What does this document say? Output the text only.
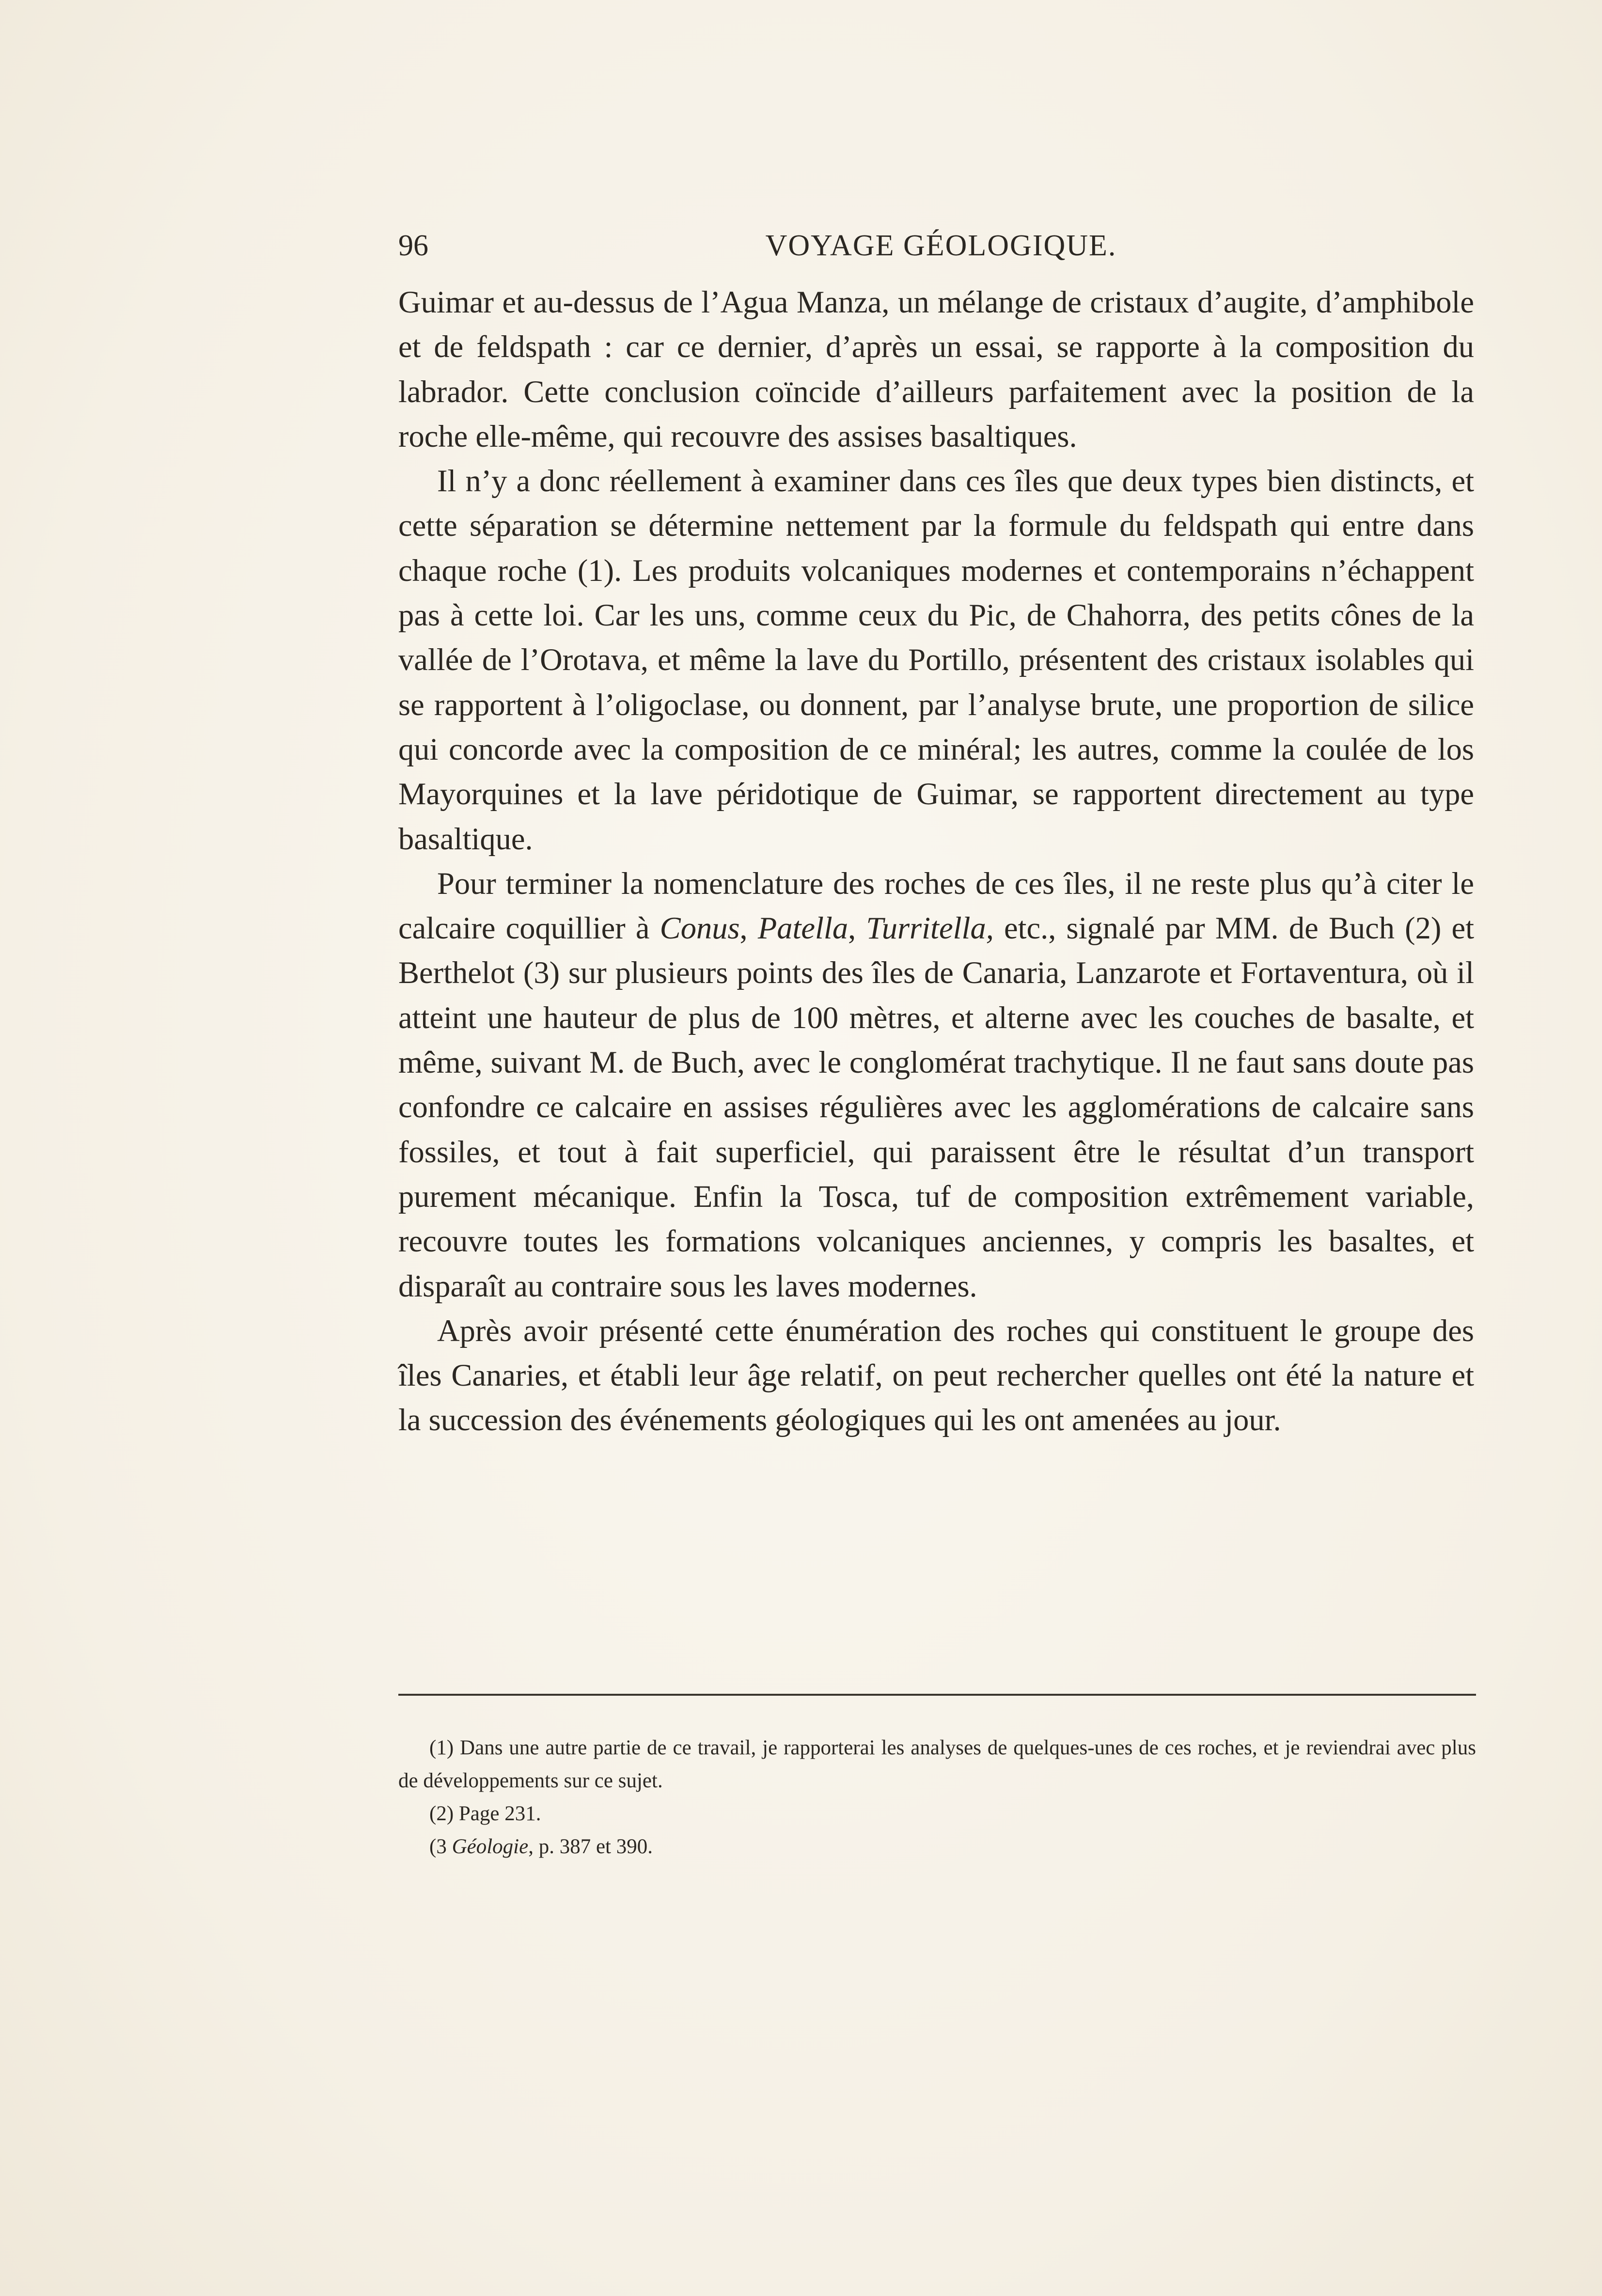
96	VOYAGE GÉOLOGIQUE.

Guimar et au-dessus de l’Agua Manza, un mélange de cristaux d’augite, d’amphibole et de feldspath : car ce dernier, d’après un essai, se rapporte à la composition du labrador. Cette conclusion coïncide d’ailleurs parfaitement avec la position de la roche elle-même, qui recouvre des assises basaltiques.

Il n’y a donc réellement à examiner dans ces îles que deux types bien distincts, et cette séparation se détermine nettement par la formule du feldspath qui entre dans chaque roche (1). Les produits volcaniques modernes et contemporains n’échappent pas à cette loi. Car les uns, comme ceux du Pic, de Chahorra, des petits cônes de la vallée de l’Orotava, et même la lave du Portillo, présentent des cristaux isolables qui se rapportent à l’oligoclase, ou donnent, par l’analyse brute, une proportion de silice qui concorde avec la composition de ce minéral; les autres, comme la coulée de los Mayorquines et la lave péridotique de Guimar, se rapportent directement au type basaltique.

Pour terminer la nomenclature des roches de ces îles, il ne reste plus qu’à citer le calcaire coquillier à Conus, Patella, Turritella, etc., signalé par MM. de Buch (2) et Berthelot (3) sur plusieurs points des îles de Canaria, Lanzarote et Fortaventura, où il atteint une hauteur de plus de 100 mètres, et alterne avec les couches de basalte, et même, suivant M. de Buch, avec le conglomérat trachytique. Il ne faut sans doute pas confondre ce calcaire en assises régulières avec les agglomérations de calcaire sans fossiles, et tout à fait superficiel, qui paraissent être le résultat d’un transport purement mécanique. Enfin la Tosca, tuf de composition extrêmement variable, recouvre toutes les formations volcaniques anciennes, y compris les basaltes, et disparaît au contraire sous les laves modernes.

Après avoir présenté cette énumération des roches qui constituent le groupe des îles Canaries, et établi leur âge relatif, on peut rechercher quelles ont été la nature et la succession des événements géologiques qui les ont amenées au jour.

(1) Dans une autre partie de ce travail, je rapporterai les analyses de quelques-unes de ces roches, et je reviendrai avec plus de développements sur ce sujet.

(2) Page 231.

(3 Géologie, p. 387 et 390.
